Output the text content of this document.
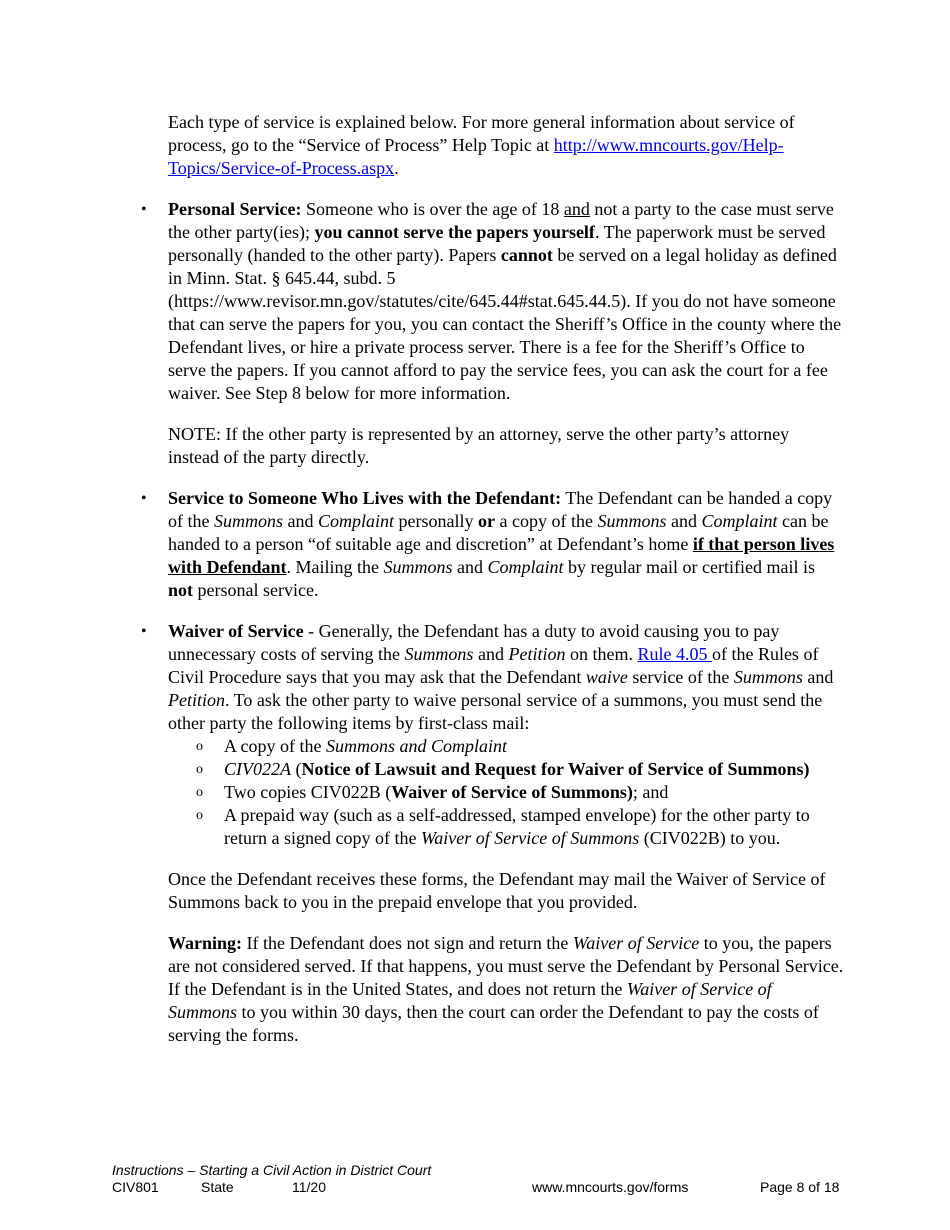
Each type of service is explained below. For more general information about service of process, go to the “Service of Process” Help Topic at http://www.mncourts.gov/Help-Topics/Service-of-Process.aspx.

• Personal Service: Someone who is over the age of 18 and not a party to the case must serve the other party(ies); you cannot serve the papers yourself. The paperwork must be served personally (handed to the other party). Papers cannot be served on a legal holiday as defined in Minn. Stat. § 645.44, subd. 5 (https://www.revisor.mn.gov/statutes/cite/645.44#stat.645.44.5). If you do not have someone that can serve the papers for you, you can contact the Sheriff’s Office in the county where the Defendant lives, or hire a private process server. There is a fee for the Sheriff’s Office to serve the papers. If you cannot afford to pay the service fees, you can ask the court for a fee waiver. See Step 8 below for more information.

NOTE: If the other party is represented by an attorney, serve the other party’s attorney instead of the party directly.

• Service to Someone Who Lives with the Defendant: The Defendant can be handed a copy of the Summons and Complaint personally or a copy of the Summons and Complaint can be handed to a person “of suitable age and discretion” at Defendant’s home if that person lives with Defendant. Mailing the Summons and Complaint by regular mail or certified mail is not personal service.

• Waiver of Service - Generally, the Defendant has a duty to avoid causing you to pay unnecessary costs of serving the Summons and Petition on them. Rule 4.05 of the Rules of Civil Procedure says that you may ask that the Defendant waive service of the Summons and Petition. To ask the other party to waive personal service of a summons, you must send the other party the following items by first-class mail:

o A copy of the Summons and Complaint
o CIV022A (Notice of Lawsuit and Request for Waiver of Service of Summons)
o Two copies CIV022B (Waiver of Service of Summons); and
o A prepaid way (such as a self-addressed, stamped envelope) for the other party to return a signed copy of the Waiver of Service of Summons (CIV022B) to you.

Once the Defendant receives these forms, the Defendant may mail the Waiver of Service of Summons back to you in the prepaid envelope that you provided.

Warning: If the Defendant does not sign and return the Waiver of Service to you, the papers are not considered served. If that happens, you must serve the Defendant by Personal Service. If the Defendant is in the United States, and does not return the Waiver of Service of Summons to you within 30 days, then the court can order the Defendant to pay the costs of serving the forms.

Instructions – Starting a Civil Action in District Court
CIV801	State	11/20	www.mncourts.gov/forms	Page 8 of 18
